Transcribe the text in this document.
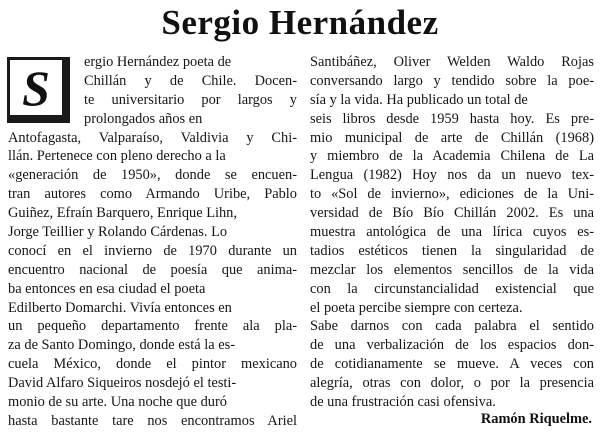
Sergio Hernández
S	ergio Hernández poeta de
Chillán y de Chile. Docen-
te universitario por largos y
prolongados años en
Antofagasta, Valparaíso, Valdivia y Chi-
llán. Pertenece con pleno derecho a la
«generación de 1950», donde se encuen-
tran autores como Armando Uribe, Pablo
Guiñez, Efraín Barquero, Enrique Lihn,
Jorge Teillier y Rolando Cárdenas. Lo
conocí en el invierno de 1970 durante un
encuentro nacional de poesía que anima-
ba entonces en esa ciudad el poeta
Edilberto Domarchi. Vivía entonces en
un pequeño departamento frente ala pla-
za de Santo Domingo, donde está la es-
cuela México, donde el pintor mexicano
David Alfaro Siqueiros nosdejó el testi-
monio de su arte. Una noche que duró
hasta bastante tare nos encontramos Ariel
Santibáñez, Oliver Welden Waldo Rojas
conversando largo y tendido sobre la poe-
sía y la vida. Ha publicado un total de
seis libros desde 1959 hasta hoy. Es pre-
mio municipal de arte de Chillán (1968)
y miembro de la Academia Chilena de La
Lengua (1982) Hoy nos da un nuevo tex-
to «Sol de invierno», ediciones de la Uni-
versidad de Bío Bío Chillán 2002. Es una
muestra antológica de una lírica cuyos es-
tadios estéticos tienen la singularidad de
mezclar los elementos sencillos de la vida
con la circunstancialidad existencial que
el poeta percibe siempre con certeza.
Sabe darnos con cada palabra el sentido
de una verbalización de los espacios don-
de cotidianamente se mueve. A veces con
alegría, otras con dolor, o por la presencia
de una frustración casi ofensiva.
Ramón Riquelme.
